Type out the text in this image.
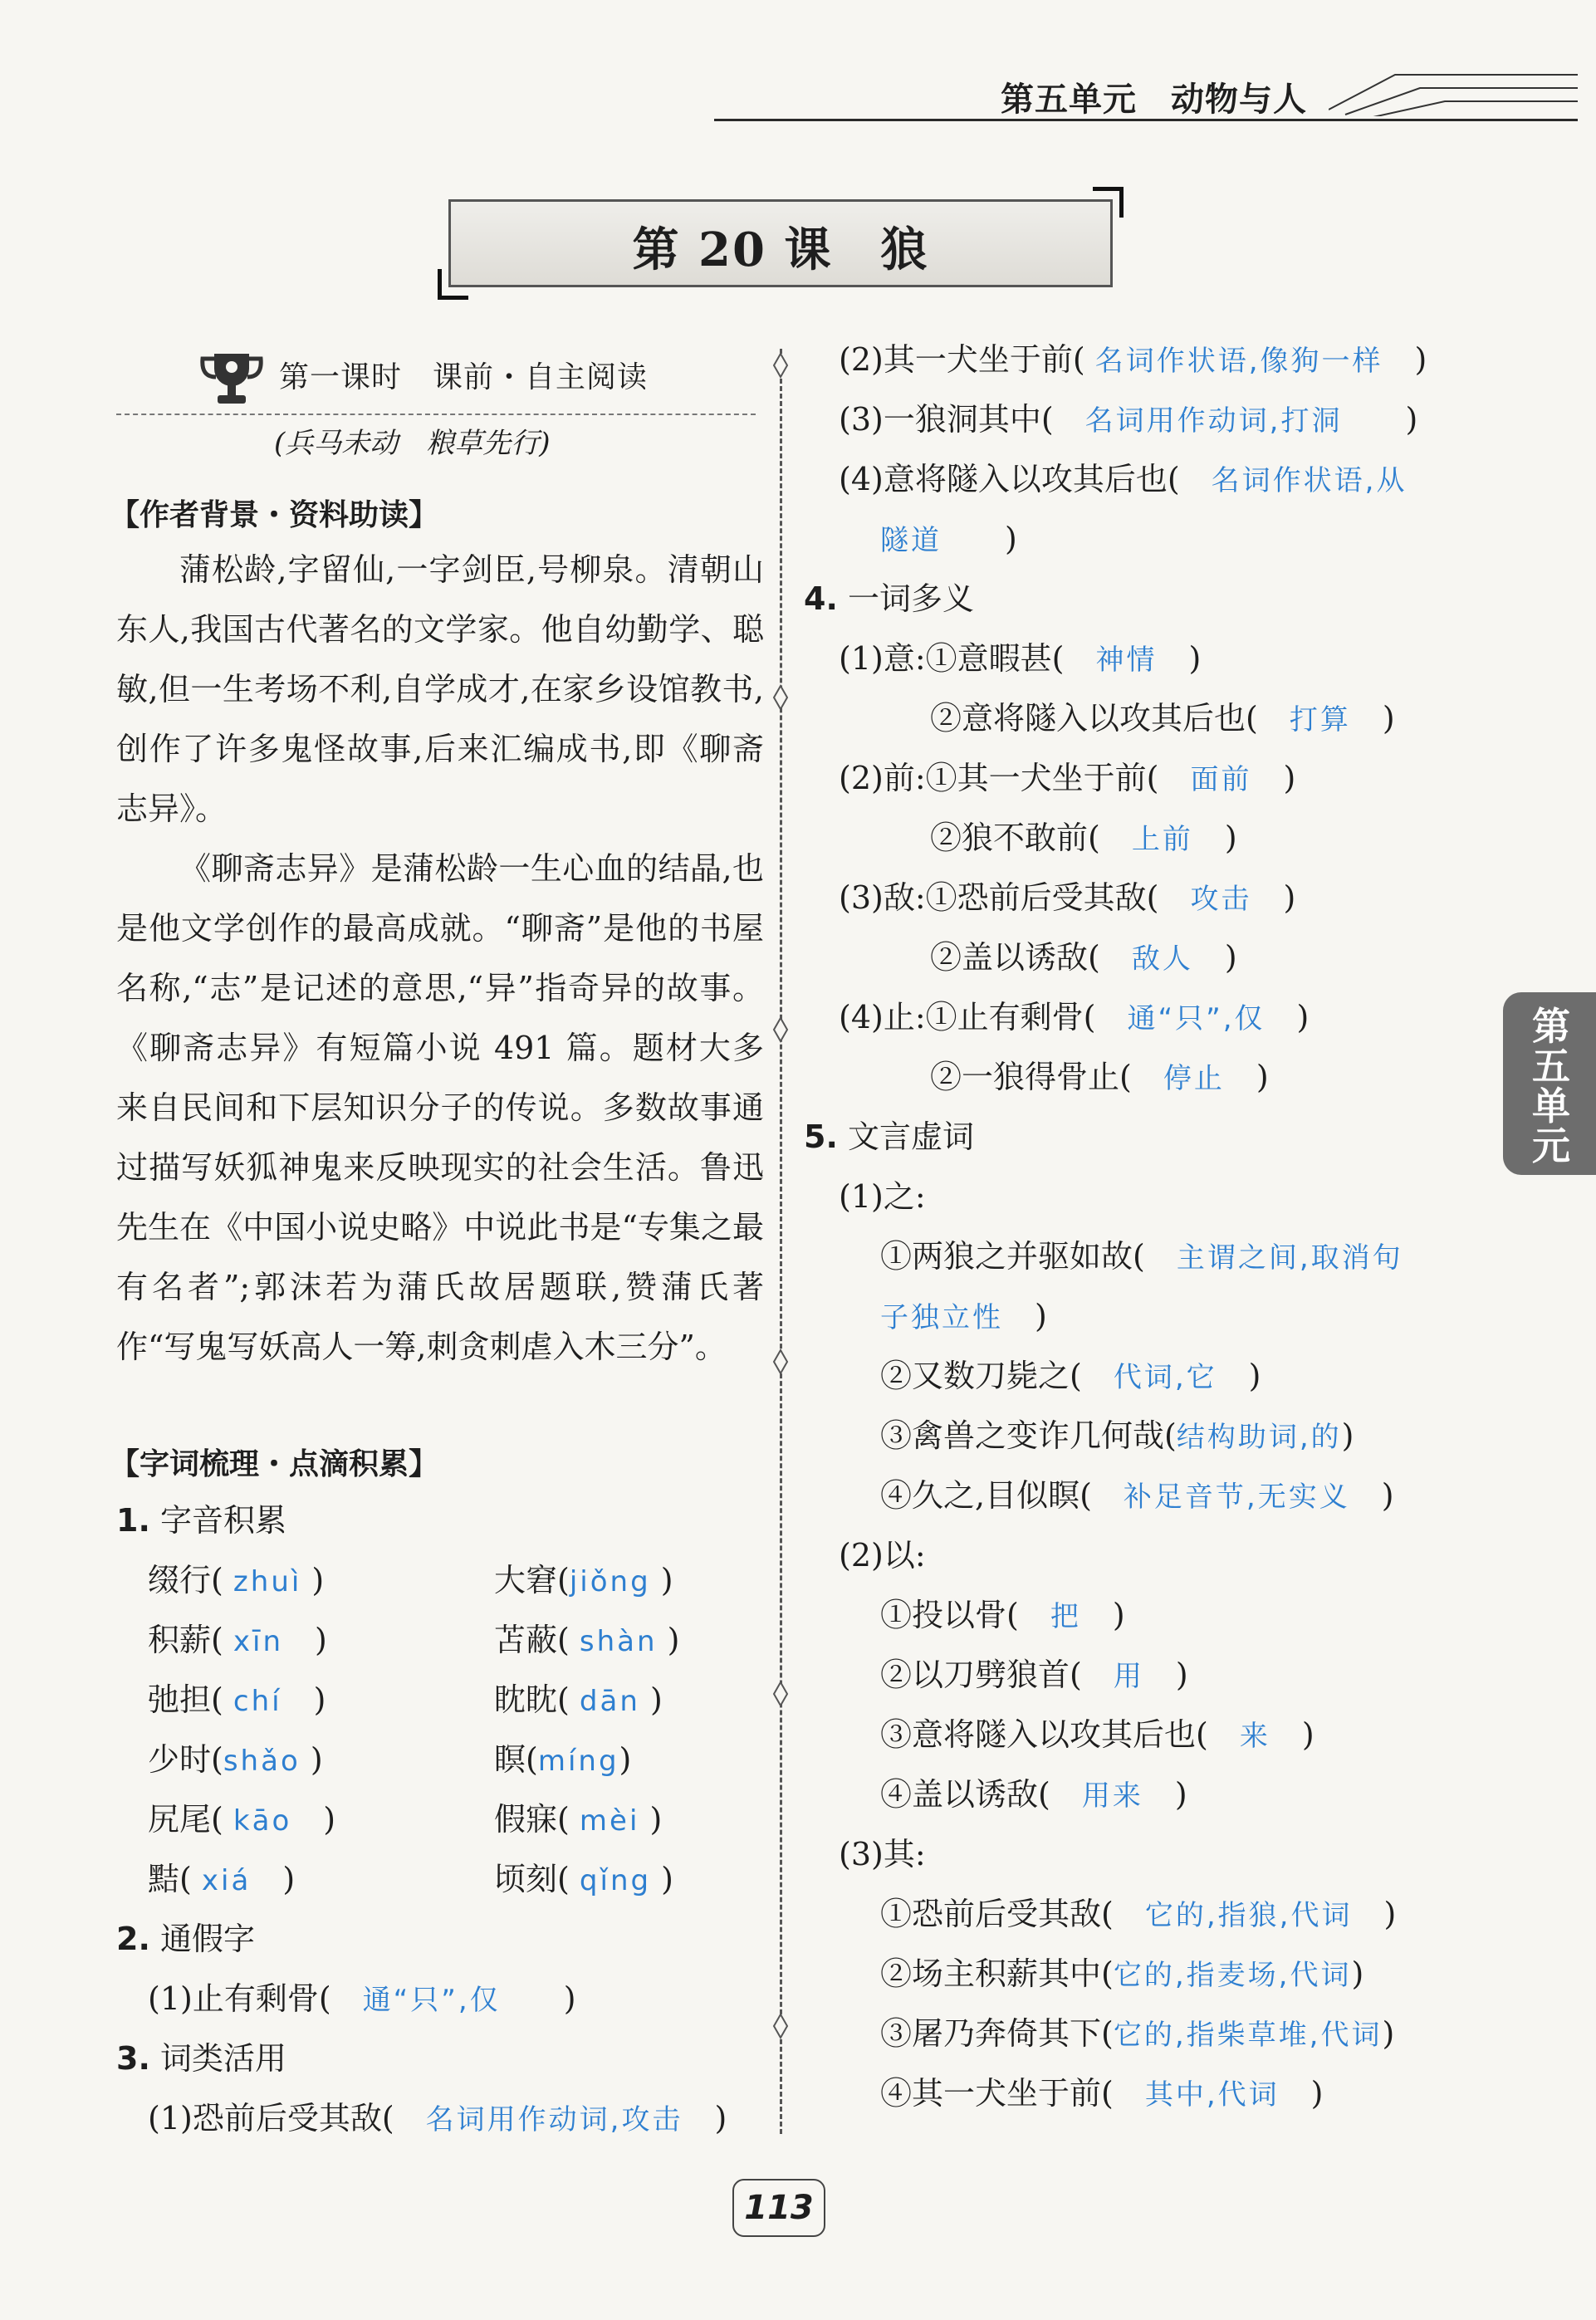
第五单元　 动物与人
第 20 课　狼
第一课时　课前・自主阅读
(兵马未动　粮草先行)
【作者背景・资料助读】

蒲松龄,字留仙,一字剑臣,号柳泉。清朝山东人,我国古代著名的文学家。他自幼勤学、聪敏,但一生考场不利,自学成才,在家乡设馆教书,创作了许多鬼怪故事,后来汇编成书,即《聊斋志异》。

《聊斋志异》是蒲松龄一生心血的结晶,也是他文学创作的最高成就。“聊斋”是他的书屋名称,“志”是记述的意思,“异”指奇异的故事。《聊斋志异》有短篇小说 491 篇。题材大多来自民间和下层知识分子的传说。多数故事通过描写妖狐神鬼来反映现实的社会生活。鲁迅先生在《中国小说史略》中说此书是“专集之最有名者”;郭沫若为蒲氏故居题联,赞蒲氏著作“写鬼写妖高人一筹,刺贪刺虐入木三分”。

【字词梳理・点滴积累】
1. 字音积累
缀行( zhuì )	大窘(jiǒng )
积薪( xīn　)	苫蔽( shàn )
弛担( chí　)	眈眈( dān )
少时(shǎo )	瞑(míng)
尻尾( kāo　)	假寐( mèi )
黠( xiá　)	顷刻( qǐng )
2. 通假字
(1)止有剩骨(　通“只”,仅　　)
3. 词类活用
(1)恐前后受其敌(　名词用作动词,攻击　)
(2)其一犬坐于前( 名词作状语,像狗一样　)
(3)一狼洞其中(　名词用作动词,打洞　　)
(4)意将隧入以攻其后也(　名词作状语,从
隧道　　)
4. 一词多义
(1)意:①意暇甚(　神情　)
②意将隧入以攻其后也(　打算　)
(2)前:①其一犬坐于前(　面前　)
②狼不敢前(　上前　)
(3)敌:①恐前后受其敌(　攻击　)
②盖以诱敌(　敌人　)
(4)止:①止有剩骨(　通“只”,仅　)
②一狼得骨止(　停止　)
5. 文言虚词
(1)之:
①两狼之并驱如故(　主谓之间,取消句
子独立性　)
②又数刀毙之(　代词,它　)
③禽兽之变诈几何哉(结构助词,的)
④久之,目似瞑(　补足音节,无实义　)
(2)以:
①投以骨(　把　)
②以刀劈狼首(　用　)
③意将隧入以攻其后也(　来　)
④盖以诱敌(　用来　)
(3)其:
①恐前后受其敌(　它的,指狼,代词　)
②场主积薪其中(它的,指麦场,代词)
③屠乃奔倚其下(它的,指柴草堆,代词)
④其一犬坐于前(　其中,代词　)
第五单元
113
